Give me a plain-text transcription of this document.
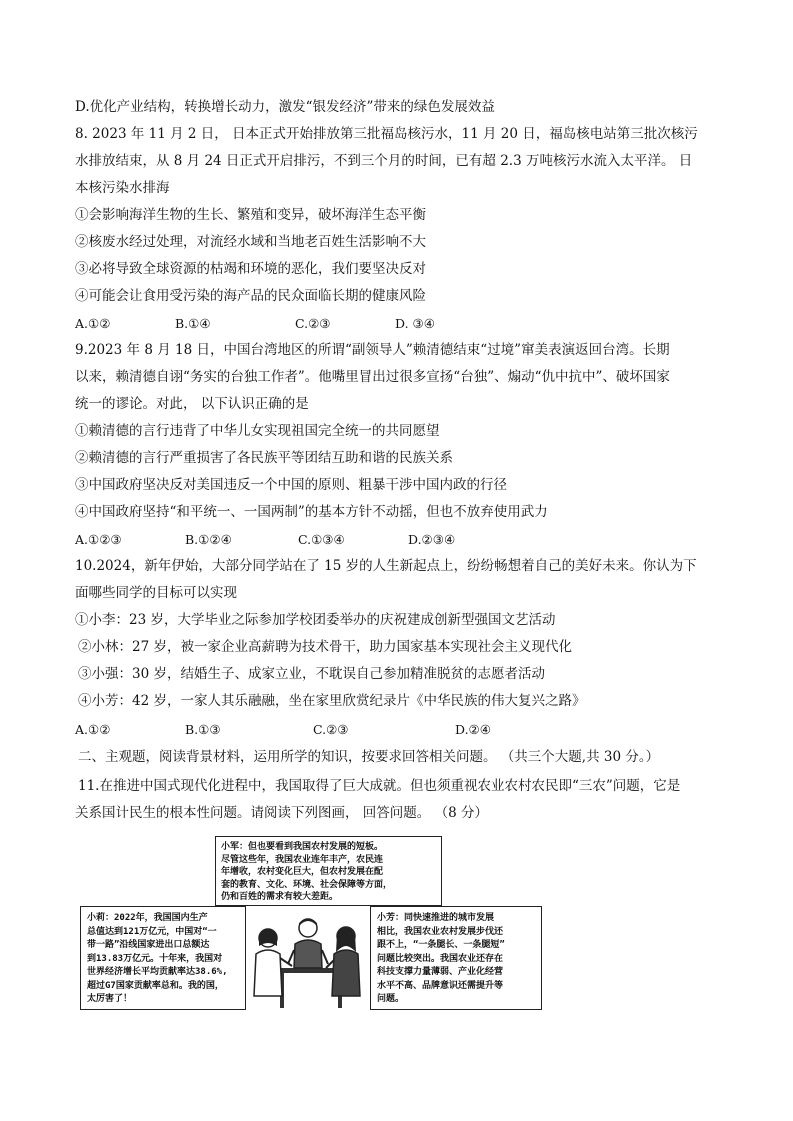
D.优化产业结构，转换增长动力，激发“银发经济”带来的绿色发展效益
8. 2023 年 11 月 2 日， 日本正式开始排放第三批福岛核污水，11 月 20 日，福岛核电站第三批次核污
水排放结束，从 8 月 24 日正式开启排污，不到三个月的时间，已有超 2.3 万吨核污水流入太平洋。 日
本核污染水排海
①会影响海洋生物的生长、繁殖和变异，破坏海洋生态平衡
②核废水经过处理，对流经水域和当地老百姓生活影响不大
③必将导致全球资源的枯竭和环境的恶化，我们要坚决反对
④可能会让食用受污染的海产品的民众面临长期的健康风险
A.①②	B.①④	C.②③	D. ③④
9.2023 年 8 月 18 日，中国台湾地区的所谓“副领导人”赖清德结束“过境”窜美表演返回台湾。长期
以来，赖清德自诩“务实的台独工作者”。他嘴里冒出过很多宣扬“台独”、煽动“仇中抗中”、破坏国家
统一的谬论。对此， 以下认识正确的是
①赖清德的言行违背了中华儿女实现祖国完全统一的共同愿望
②赖清德的言行严重损害了各民族平等团结互助和谐的民族关系
③中国政府坚决反对美国违反一个中国的原则、粗暴干涉中国内政的行径
④中国政府坚持“和平统一、一国两制”的基本方针不动摇，但也不放弃使用武力
A.①②③	B.①②④	C.①③④	D.②③④
10.2024，新年伊始，大部分同学站在了 15 岁的人生新起点上，纷纷畅想着自己的美好未来。你认为下
面哪些同学的目标可以实现
①小李：23 岁，大学毕业之际参加学校团委举办的庆祝建成创新型强国文艺活动
②小林：27 岁，被一家企业高薪聘为技术骨干，助力国家基本实现社会主义现代化
③小强：30 岁，结婚生子、成家立业，不耽误自己参加精准脱贫的志愿者活动
④小芳：42 岁，一家人其乐融融，坐在家里欣赏纪录片《中华民族的伟大复兴之路》
A.①②	B.①③	C.②③	D.②④
二、主观题，阅读背景材料，运用所学的知识，按要求回答相关问题。 （共三个大题,共 30 分。）
11.在推进中国式现代化进程中，我国取得了巨大成就。但也须重视农业农村农民即“三农”问题，它是
关系国计民生的根本性问题。请阅读下列图画， 回答问题。 （8 分）
小军：但也要看到我国农村发展的短板。
尽管这些年，我国农业连年丰产，农民连
年增收，农村变化巨大，但农村发展在配
套的教育、文化、环境、社会保障等方面，
仍和百姓的需求有较大差距。
小莉：2022年，我国国内生产
总值达到121万亿元，中国对“一
带一路”沿线国家进出口总额达
到13.83万亿元。十年来，我国对
世界经济增长平均贡献率达38.6%,
超过G7国家贡献率总和。我的国，
太厉害了！
小芳：同快速推进的城市发展
相比，我国农业农村发展步伐还
跟不上，“一条腿长、一条腿短”
问题比较突出。我国农业还存在
科技支撑力量薄弱、产业化经营
水平不高、品牌意识还需提升等
问题。
